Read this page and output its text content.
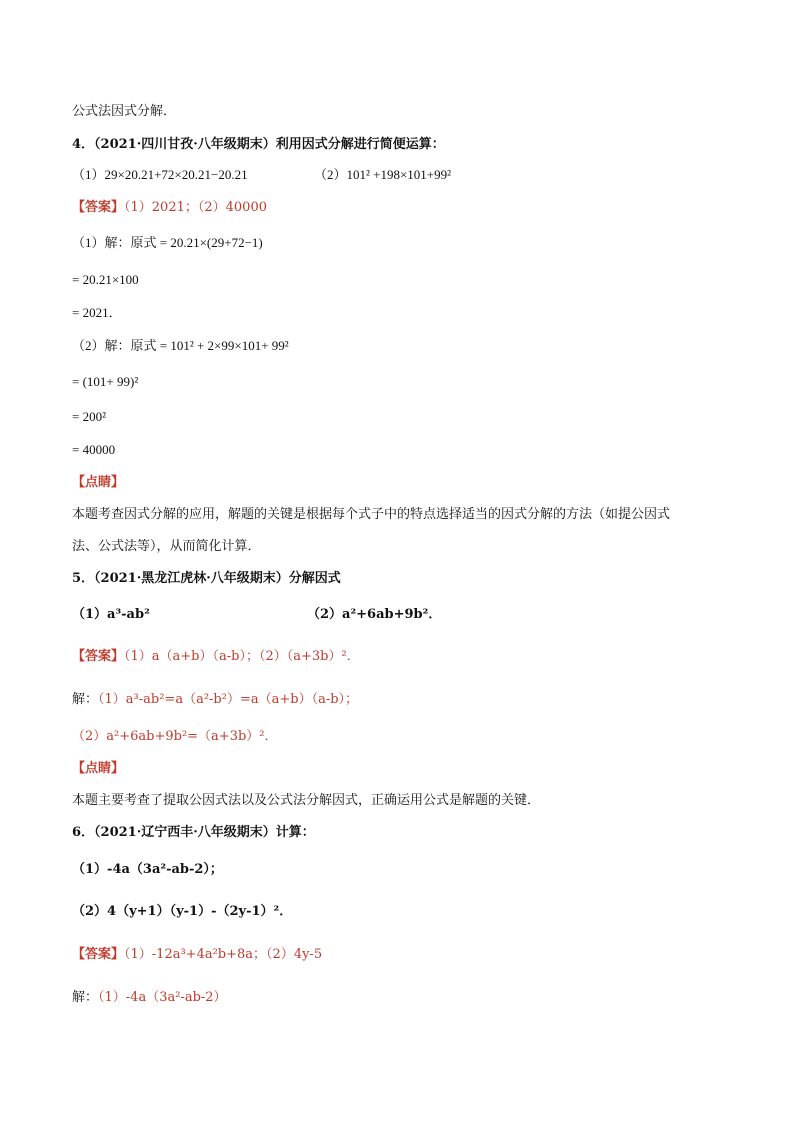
公式法因式分解．
4．（2021·四川甘孜·八年级期末）利用因式分解进行简便运算：
（1）29×20.21+72×20.21−20.21	（2）101² +198×101+99²
【答案】（1）2021；（2）40000
（1）解：原式 = 20.21×(29+72−1)
= 20.21×100
= 2021．
（2）解：原式 = 101² + 2×99×101+ 99²
= (101+ 99)²
= 200²
= 40000
【点睛】
本题考查因式分解的应用，解题的关键是根据每个式子中的特点选择适当的因式分解的方法（如提公因式
法、公式法等），从而简化计算．
5．（2021·黑龙江虎林·八年级期末）分解因式
（1）a³-ab²	（2）a²+6ab+9b²．
【答案】（1）a（a+b）（a-b）；（2）（a+3b）²．
解：（1）a³-ab²=a（a²-b²）=a（a+b）（a-b）；
（2）a²+6ab+9b²=（a+3b）²．
【点睛】
本题主要考查了提取公因式法以及公式法分解因式，正确运用公式是解题的关键．
6．（2021·辽宁西丰·八年级期末）计算：
（1）-4a（3a²-ab-2）；
（2）4（y+1）（y-1）-（2y-1）²．
【答案】（1）-12a³+4a²b+8a；（2）4y-5
解：（1）-4a（3a²-ab-2）
